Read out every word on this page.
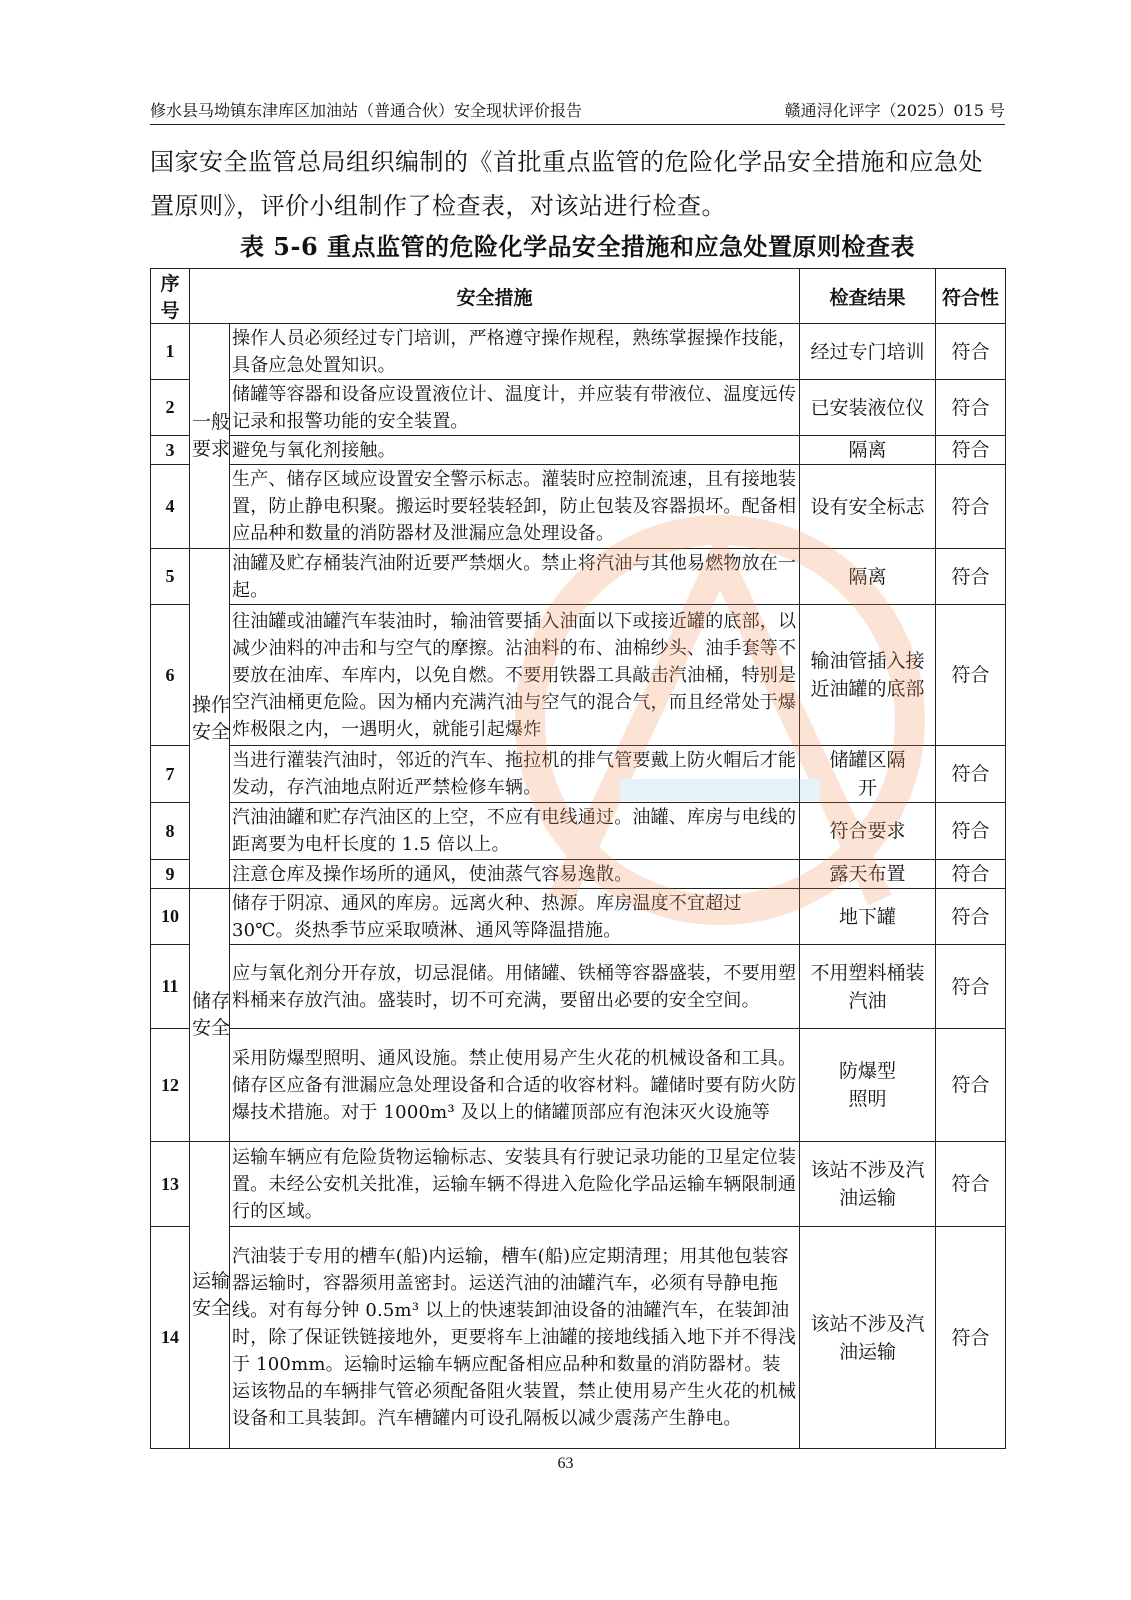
修水县马坳镇东津库区加油站（普通合伙）安全现状评价报告	赣通浔化评字（2025）015 号
国家安全监管总局组织编制的《首批重点监管的危险化学品安全措施和应急处置原则》，评价小组制作了检查表，对该站进行检查。
表 5-6 重点监管的危险化学品安全措施和应急处置原则检查表
序号	安全措施		检查结果	符合性
1	一般要求	操作人员必须经过专门培训，严格遵守操作规程，熟练掌握操作技能，具备应急处置知识。	经过专门培训	符合
2		储罐等容器和设备应设置液位计、温度计，并应装有带液位、温度远传记录和报警功能的安全装置。	已安装液位仪	符合
3		避免与氧化剂接触。	隔离	符合
4		生产、储存区域应设置安全警示标志。灌装时应控制流速，且有接地装置，防止静电积聚。搬运时要轻装轻卸，防止包装及容器损坏。配备相应品种和数量的消防器材及泄漏应急处理设备。	设有安全标志	符合
5	操作安全	油罐及贮存桶装汽油附近要严禁烟火。禁止将汽油与其他易燃物放在一起。	隔离	符合
6		往油罐或油罐汽车装油时，输油管要插入油面以下或接近罐的底部，以减少油料的冲击和与空气的摩擦。沾油料的布、油棉纱头、油手套等不要放在油库、车库内，以免自燃。不要用铁器工具敲击汽油桶，特别是空汽油桶更危险。因为桶内充满汽油与空气的混合气，而且经常处于爆炸极限之内，一遇明火，就能引起爆炸	输油管插入接近油罐的底部	符合
7		当进行灌装汽油时，邻近的汽车、拖拉机的排气管要戴上防火帽后才能发动，存汽油地点附近严禁检修车辆。	储罐区隔开	符合
8		汽油油罐和贮存汽油区的上空，不应有电线通过。油罐、库房与电线的距离要为电杆长度的 1.5 倍以上。	符合要求	符合
9		注意仓库及操作场所的通风，使油蒸气容易逸散。	露天布置	符合
10	储存安全	储存于阴凉、通风的库房。远离火种、热源。库房温度不宜超过 30℃。炎热季节应采取喷淋、通风等降温措施。	地下罐	符合
11		应与氧化剂分开存放，切忌混储。用储罐、铁桶等容器盛装，不要用塑料桶来存放汽油。盛装时，切不可充满，要留出必要的安全空间。	不用塑料桶装汽油	符合
12		采用防爆型照明、通风设施。禁止使用易产生火花的机械设备和工具。储存区应备有泄漏应急处理设备和合适的收容材料。罐储时要有防火防爆技术措施。对于 1000m³ 及以上的储罐顶部应有泡沫灭火设施等	防爆型照明	符合
13	运输安全	运输车辆应有危险货物运输标志、安装具有行驶记录功能的卫星定位装置。未经公安机关批准，运输车辆不得进入危险化学品运输车辆限制通行的区域。	该站不涉及汽油运输	符合
14		汽油装于专用的槽车(船)内运输，槽车(船)应定期清理；用其他包装容器运输时，容器须用盖密封。运送汽油的油罐汽车，必须有导静电拖线。对有每分钟 0.5m³ 以上的快速装卸油设备的油罐汽车，在装卸油时，除了保证铁链接地外，更要将车上油罐的接地线插入地下并不得浅于 100mm。运输时运输车辆应配备相应品种和数量的消防器材。装运该物品的车辆排气管必须配备阻火装置，禁止使用易产生火花的机械设备和工具装卸。汽车槽罐内可设孔隔板以减少震荡产生静电。	该站不涉及汽油运输	符合
63
